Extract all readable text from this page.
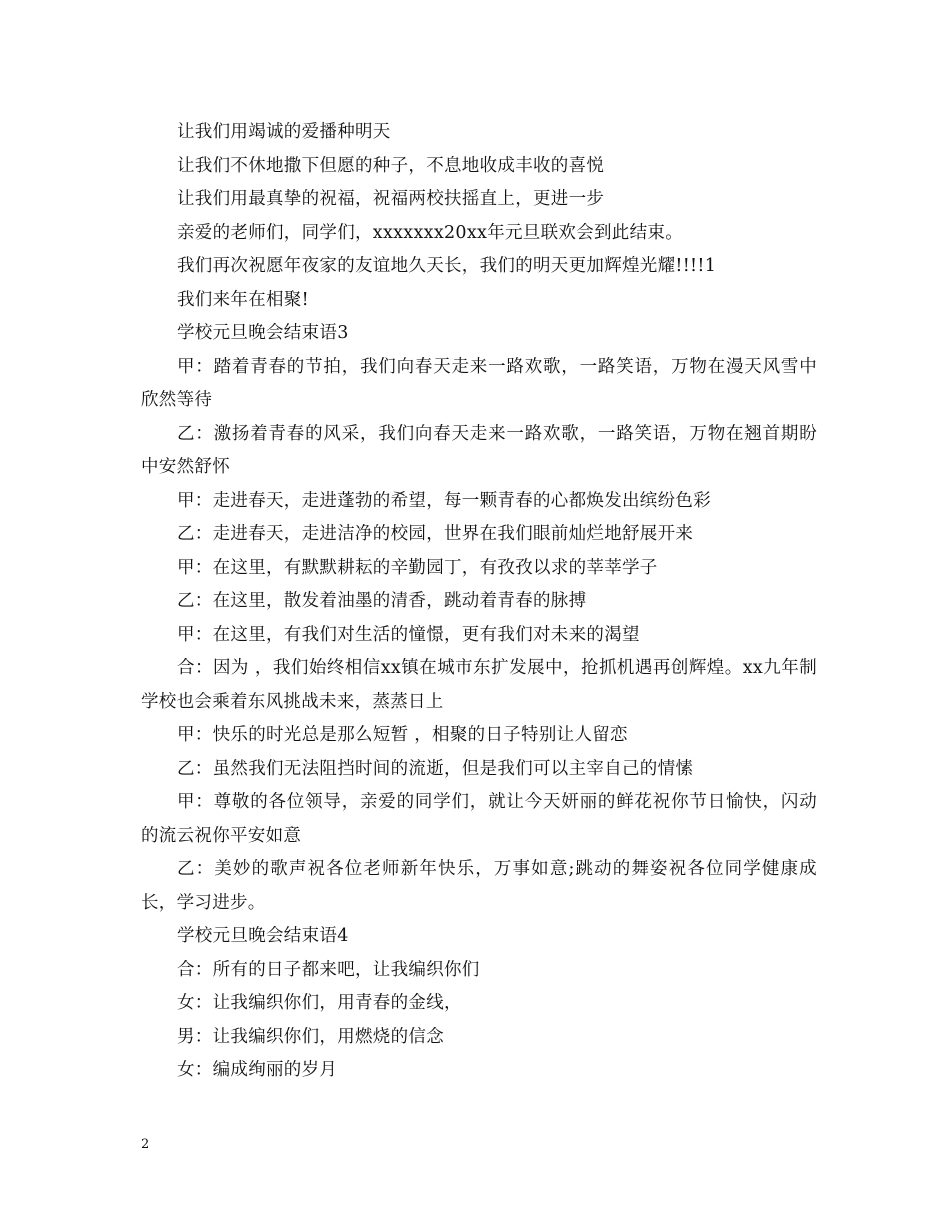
让我们用竭诚的爱播种明天

让我们不休地撒下但愿的种子，不息地收成丰收的喜悦

让我们用最真挚的祝福，祝福两校扶摇直上，更进一步

亲爱的老师们，同学们，xxxxxxx20xx年元旦联欢会到此结束。

我们再次祝愿年夜家的友谊地久天长，我们的明天更加辉煌光耀!!!!1

我们来年在相聚!

学校元旦晚会结束语3

甲：踏着青春的节拍，我们向春天走来一路欢歌，一路笑语，万物在漫天风雪中欣然等待

乙：激扬着青春的风采，我们向春天走来一路欢歌，一路笑语，万物在翘首期盼中安然舒怀

甲：走进春天，走进蓬勃的希望，每一颗青春的心都焕发出缤纷色彩

乙：走进春天，走进洁净的校园，世界在我们眼前灿烂地舒展开来

甲：在这里，有默默耕耘的辛勤园丁，有孜孜以求的莘莘学子

乙：在这里，散发着油墨的清香，跳动着青春的脉搏

甲：在这里，有我们对生活的憧憬，更有我们对未来的渴望

合：因为 ，我们始终相信xx镇在城市东扩发展中，抢抓机遇再创辉煌。xx九年制学校也会乘着东风挑战未来，蒸蒸日上

甲：快乐的时光总是那么短暂 ，相聚的日子特别让人留恋

乙：虽然我们无法阻挡时间的流逝，但是我们可以主宰自己的情愫

甲：尊敬的各位领导，亲爱的同学们，就让今天妍丽的鲜花祝你节日愉快，闪动的流云祝你平安如意

乙：美妙的歌声祝各位老师新年快乐，万事如意;跳动的舞姿祝各位同学健康成长，学习进步。

学校元旦晚会结束语4

合：所有的日子都来吧，让我编织你们

女：让我编织你们，用青春的金线，

男：让我编织你们，用燃烧的信念

女：编成绚丽的岁月

2
